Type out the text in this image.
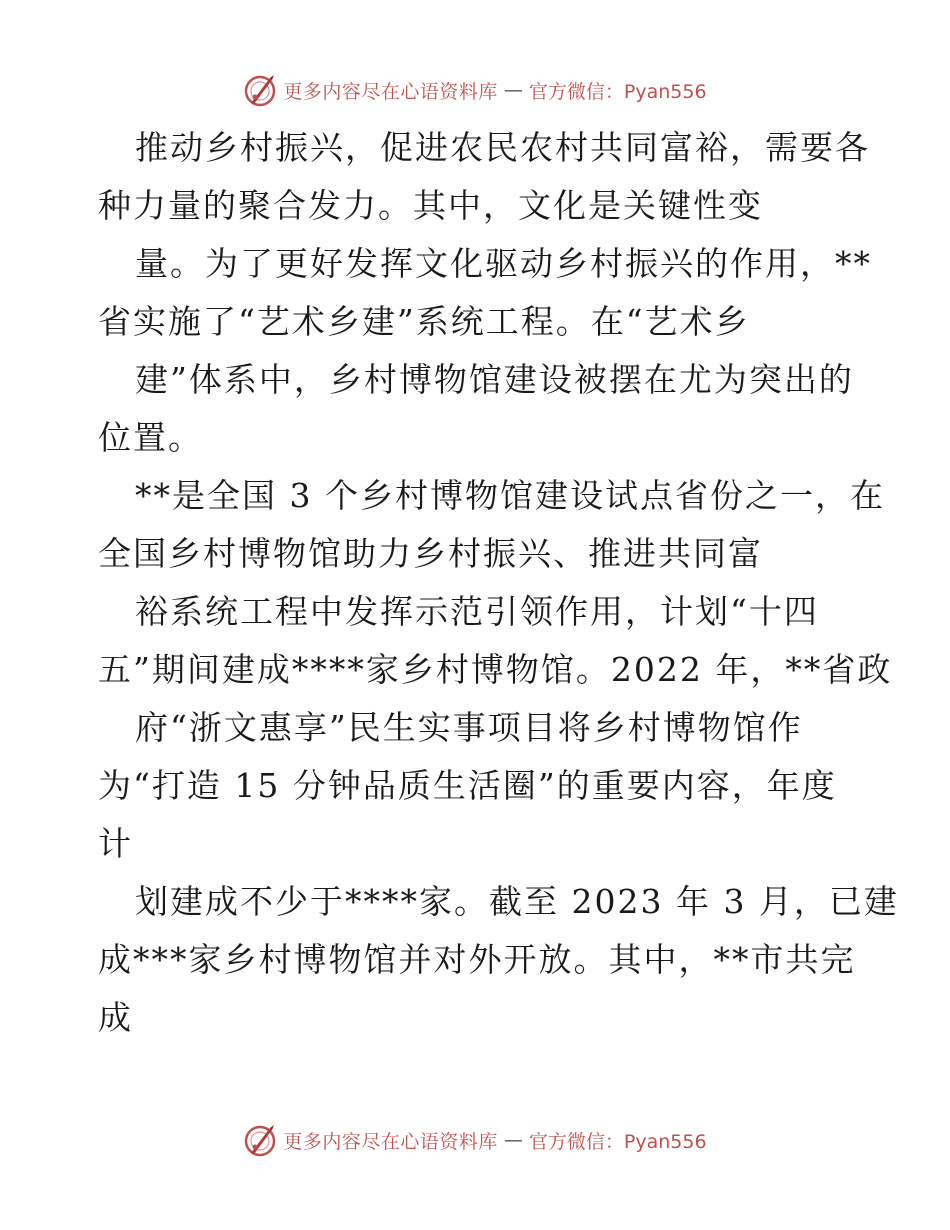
更多内容尽在心语资料库 — 官方微信：Pyan556
推动乡村振兴，促进农民农村共同富裕，需要各
种力量的聚合发力。其中，文化是关键性变
量。为了更好发挥文化驱动乡村振兴的作用，**
省实施了“艺术乡建”系统工程。在“艺术乡
建”体系中，乡村博物馆建设被摆在尤为突出的
位置。
**是全国 3 个乡村博物馆建设试点省份之一，在
全国乡村博物馆助力乡村振兴、推进共同富
裕系统工程中发挥示范引领作用，计划“十四
五”期间建成****家乡村博物馆。2022 年，**省政
府“浙文惠享”民生实事项目将乡村博物馆作
为“打造 15 分钟品质生活圈”的重要内容，年度
计
划建成不少于****家。截至 2023 年 3 月，已建
成***家乡村博物馆并对外开放。其中，**市共完
成
更多内容尽在心语资料库 — 官方微信：Pyan556
